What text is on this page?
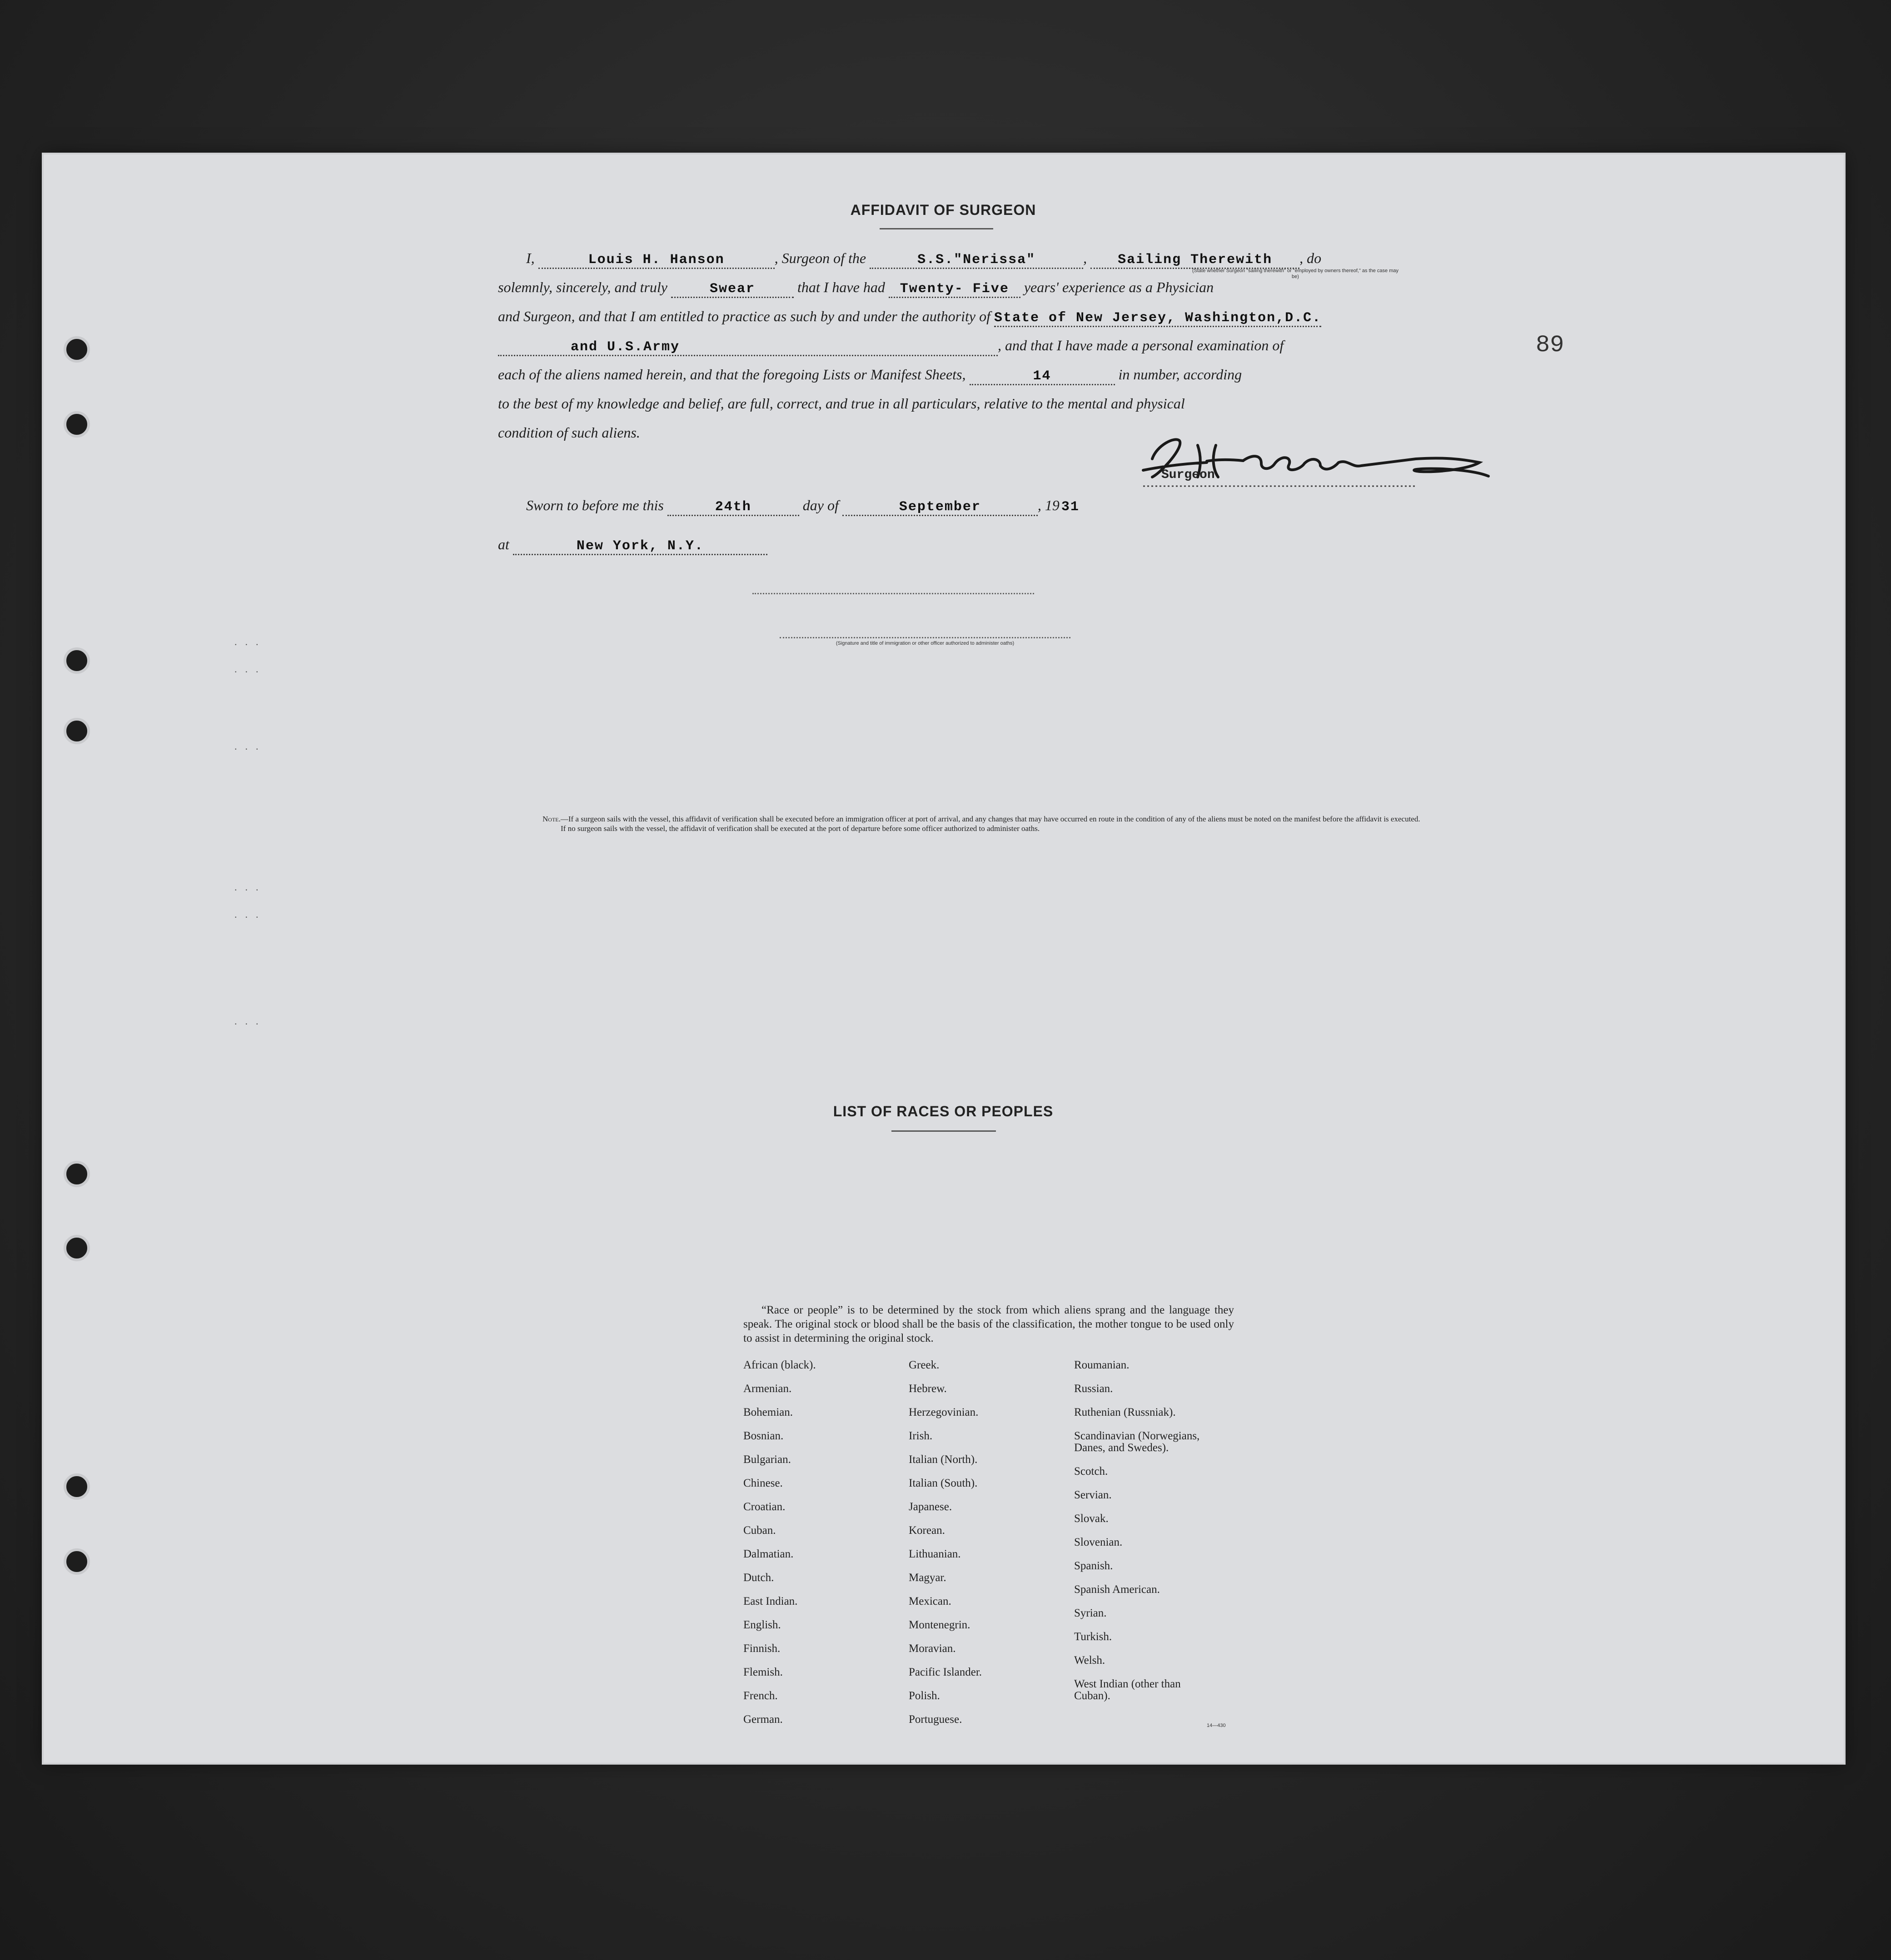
...
...
...
...
...
...
AFFIDAVIT OF SURGEON
I,	Louis H. Hanson	, Surgeon of the	S.S."Nerissa"	, Sailing Therewith , do
(State whether Surgeon "sailing therewith" or "employed by owners thereof," as the case may be)
solemnly, sincerely, and truly	Swear	that I have had Twenty- Five years' experience as a Physician
and Surgeon, and that I am entitled to practice as such by and under the authority of State of New Jersey, Washington,D.C.
and U.S.Army	, and that I have made a personal examination of
each of the aliens named herein, and that the foregoing Lists or Manifest Sheets,	14	in number, according
to the best of my knowledge and belief, are full, correct, and true in all particulars, relative to the mental and physical
condition of such aliens.
Surgeon
Sworn to before me this	24th	day of	September	, 19 31
at	New York, N.Y.
(Signature and title of immigration or other officer authorized to administer oaths)
Note.—If a surgeon sails with the vessel, this affidavit of verification shall be executed before an immigration officer at port of arrival, and any changes that may have occurred en route in the condition of any of the aliens must be noted on the manifest before the affidavit is executed.
If no surgeon sails with the vessel, the affidavit of verification shall be executed at the port of departure before some officer authorized to administer oaths.
LIST OF RACES OR PEOPLES
“Race or people” is to be determined by the stock from which aliens sprang and the language they speak. The original stock or blood shall be the basis of the classification, the mother tongue to be used only to assist in determining the original stock.
African (black).
Armenian.
Bohemian.
Bosnian.
Bulgarian.
Chinese.
Croatian.
Cuban.
Dalmatian.
Dutch.
East Indian.
English.
Finnish.
Flemish.
French.
German.
Greek.
Hebrew.
Herzegovinian.
Irish.
Italian (North).
Italian (South).
Japanese.
Korean.
Lithuanian.
Magyar.
Mexican.
Montenegrin.
Moravian.
Pacific Islander.
Polish.
Portuguese.
Roumanian.
Russian.
Ruthenian (Russniak).
Scandinavian (Norwegians,
Danes, and Swedes).
Scotch.
Servian.
Slovak.
Slovenian.
Spanish.
Spanish American.
Syrian.
Turkish.
Welsh.
West Indian (other than
Cuban).
14—430
89
